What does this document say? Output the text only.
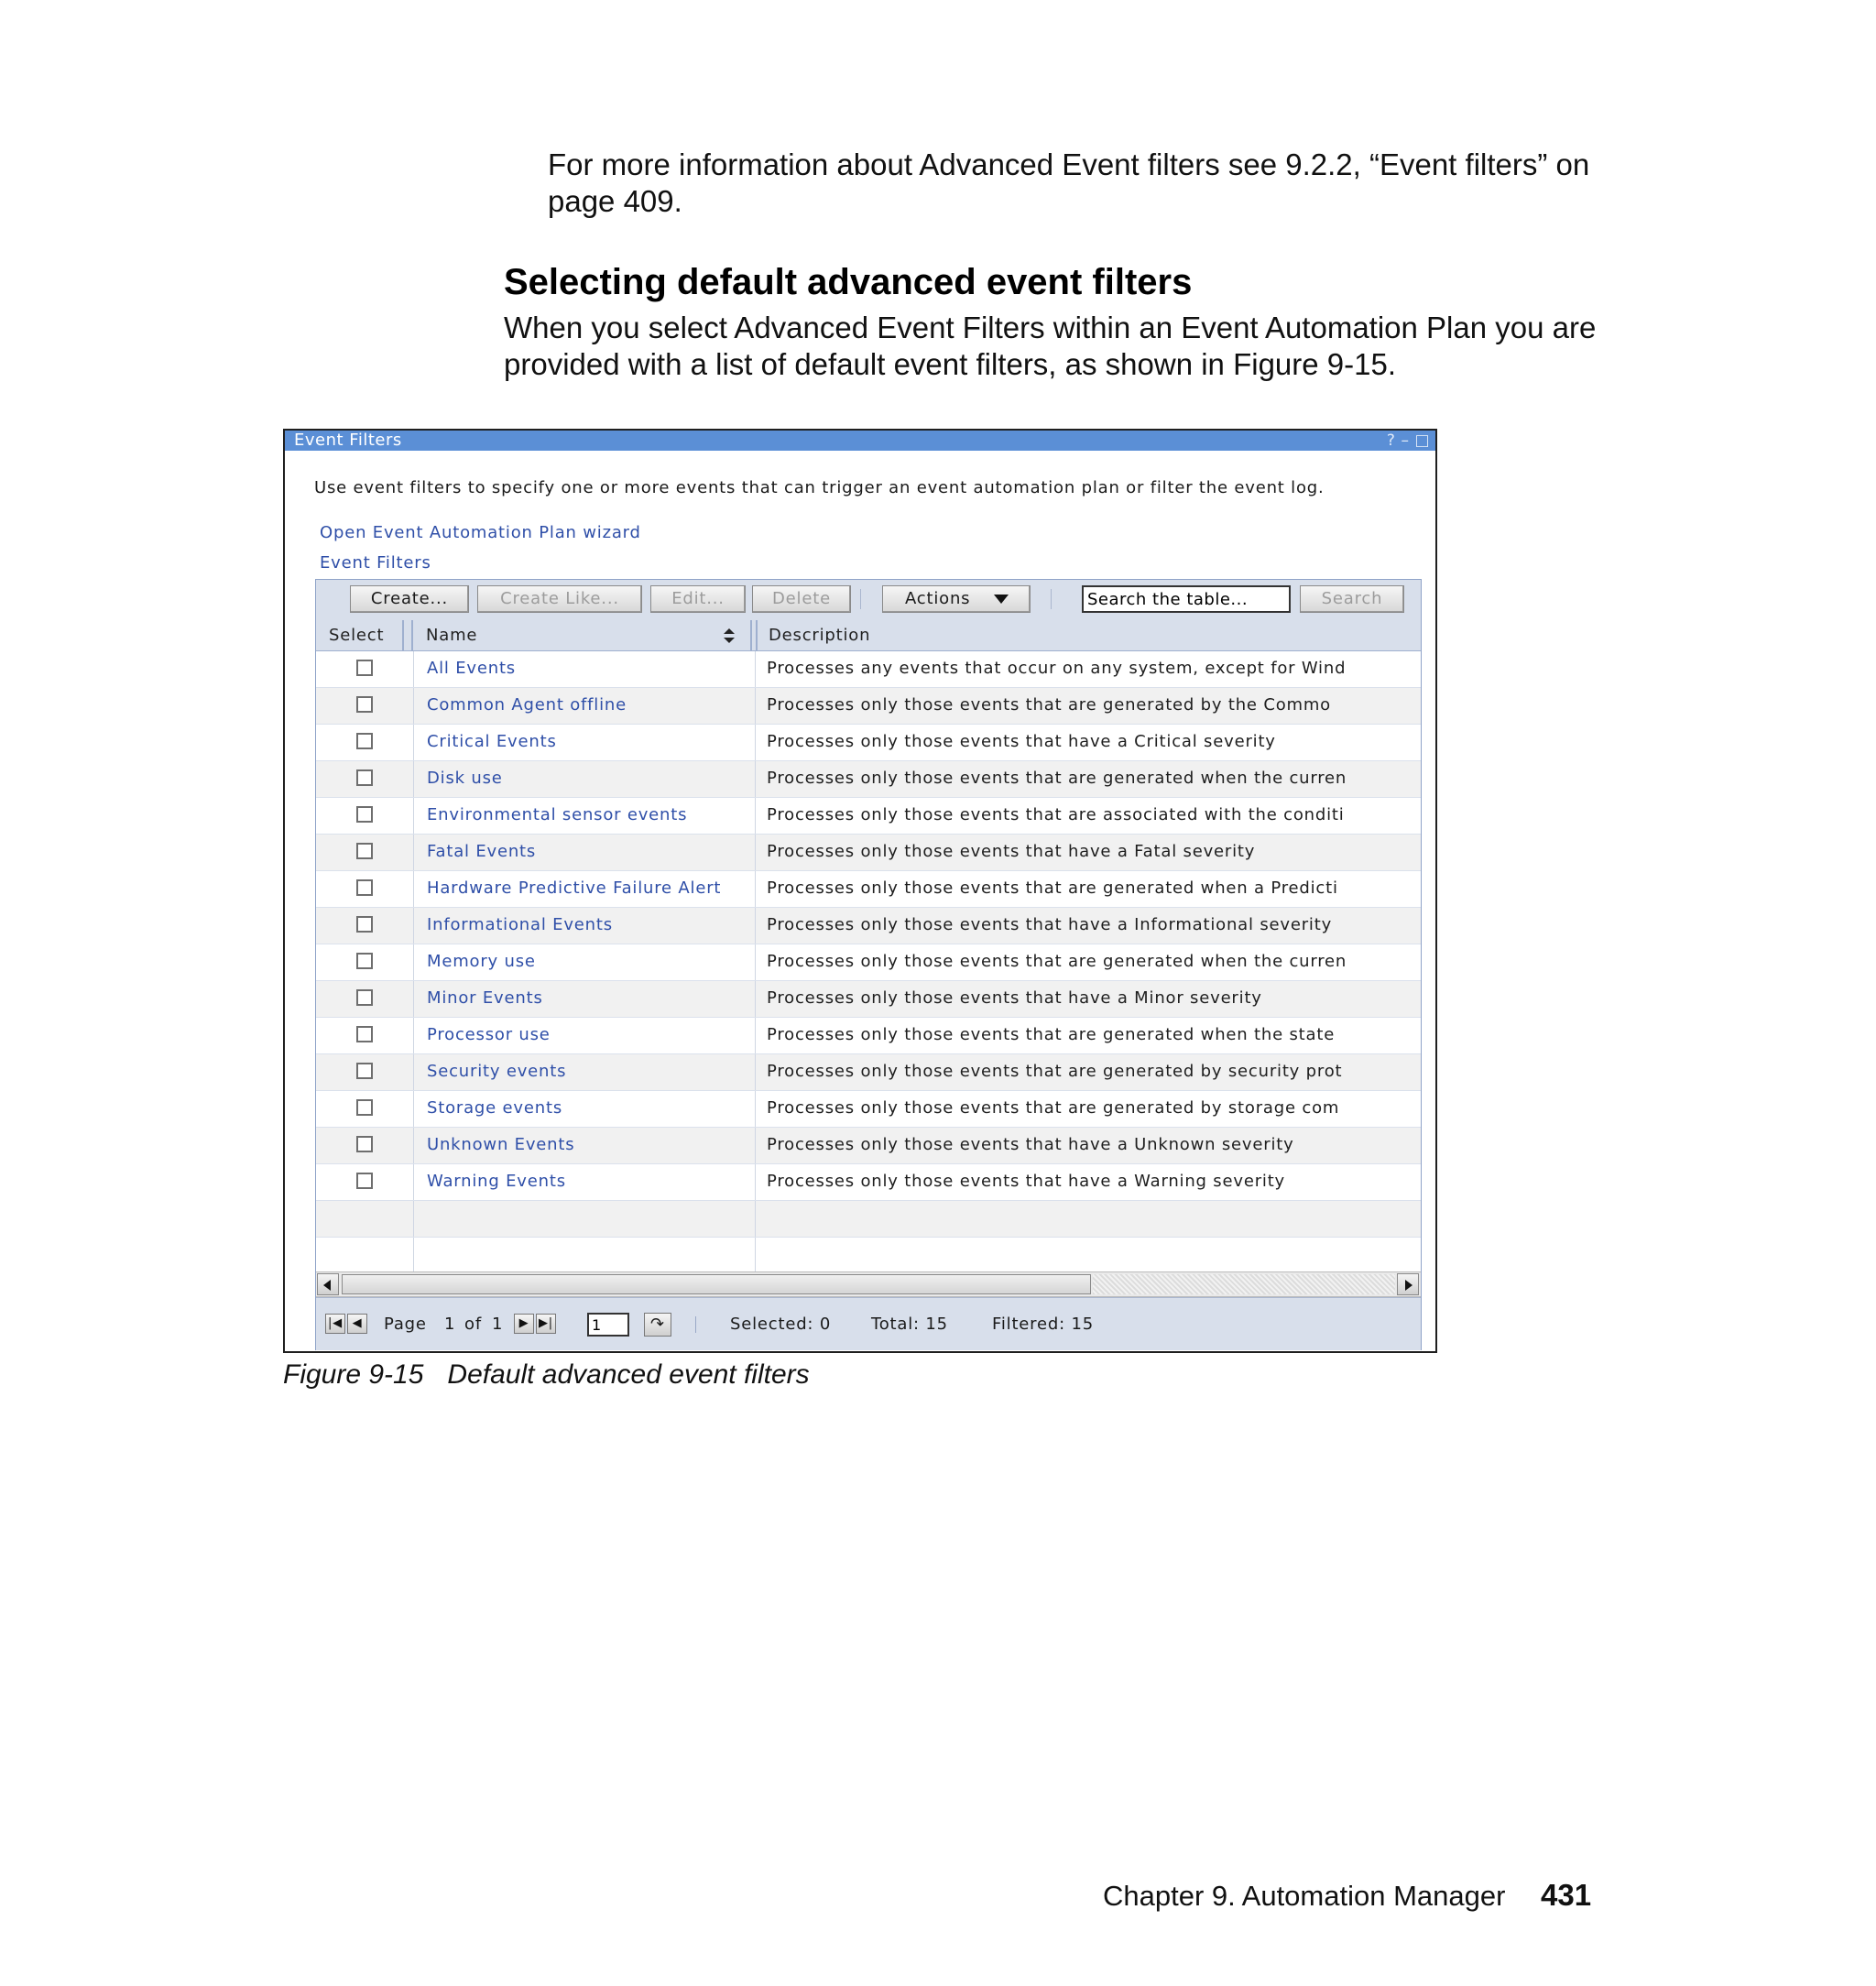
For more information about Advanced Event filters see 9.2.2, “Event filters” on page 409.
Selecting default advanced event filters
When you select Advanced Event Filters within an Event Automation Plan you are provided with a list of default event filters, as shown in Figure 9-15.
Event Filters	? – □
Use event filters to specify one or more events that can trigger an event automation plan or filter the event log.
Open Event Automation Plan wizard
Event Filters
Create...	Create Like...	Edit...	Delete	Actions
Search the table...	Search
Select	Name	Description
All Events	Processes any events that occur on any system, except for Wind
Common Agent offline	Processes only those events that are generated by the Commo
Critical Events	Processes only those events that have a Critical severity
Disk use	Processes only those events that are generated when the curren
Environmental sensor events	Processes only those events that are associated with the conditi
Fatal Events	Processes only those events that have a Fatal severity
Hardware Predictive Failure Alert	Processes only those events that are generated when a Predicti
Informational Events	Processes only those events that have a Informational severity
Memory use	Processes only those events that are generated when the curren
Minor Events	Processes only those events that have a Minor severity
Processor use	Processes only those events that are generated when the state
Security events	Processes only those events that are generated by security prot
Storage events	Processes only those events that are generated by storage com
Unknown Events	Processes only those events that have a Unknown severity
Warning Events	Processes only those events that have a Warning severity
|◀ ◀	Page 1 of 1	▶ ▶|
1	↷	Selected: 0 Total: 15	Filtered: 15
Figure 9-15 Default advanced event filters
Chapter 9. Automation Manager 431
